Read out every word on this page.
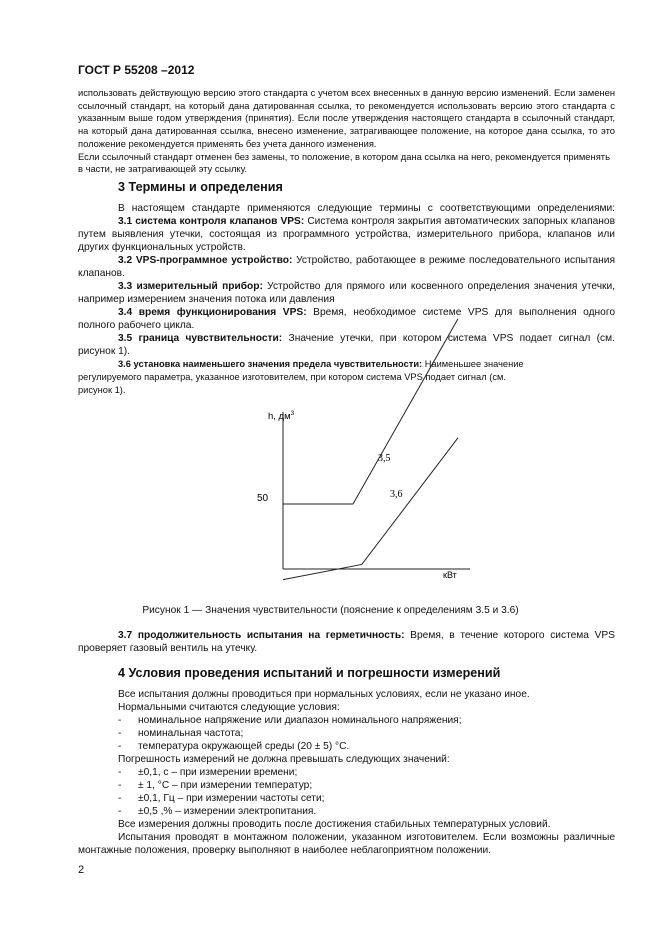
ГОСТ Р 55208 –2012

использовать действующую версию этого стандарта с учетом всех внесенных в данную версию изменений. Если заменен ссылочный стандарт, на который дана датированная ссылка, то рекомендуется использовать версию этого стандарта с указанным выше годом утверждения (принятия). Если после утверждения настоящего стандарта в ссылочный стандарт, на который дана датированная ссылка, внесено изменение, затрагивающее положение, на которое дана ссылка, то это положение рекомендуется применять без учета данного изменения.

Если ссылочный стандарт отменен без замены, то положение, в котором дана ссылка на него, рекомендуется применять в части, не затрагивающей эту ссылку.

3 Термины и определения

В настоящем стандарте применяются следующие термины с соответствующими определениями:

3.1 система контроля клапанов VPS: Система контроля закрытия автоматических запорных клапанов путем выявления утечки, состоящая из программного устройства, измерительного прибора, клапанов или других функциональных устройств.

3.2 VPS-программное устройство: Устройство, работающее в режиме последовательного испытания клапанов.

3.3 измерительный прибор: Устройство для прямого или косвенного определения значения утечки, например измерением значения потока или давления

3.4 время функционирования VPS: Время, необходимое системе VPS для выполнения одного полного рабочего цикла.

3.5 граница чувствительности: Значение утечки, при котором система VPS подает сигнал (см. рисунок 1).

3.6 установка наименьшего значения предела чувствительности: Наименьшее значение регулируемого параметра, указанное изготовителем, при котором система VPS подает сигнал (см. рисунок 1).

h, $дм^3$
50
кВт
3,5
3,6
Рисунок 1 — Значения чувствительности (пояснение к определениям 3.5 и 3.6)

3.7 продолжительность испытания на герметичность: Время, в течение которого система VPS проверяет газовый вентиль на утечку.

4 Условия проведения испытаний и погрешности измерений

Все испытания должны проводиться при нормальных условиях, если не указано иное.

Нормальными считаются следующие условия:

-	номинальное напряжение или диапазон номинального напряжения;
-	номинальная частота;
-	температура окружающей среды (20 ± 5) °С.

Погрешность измерений не должна превышать следующих значений:

-	±0,1, с – при измерении времени;
-	± 1, °С – при измерении температур;
-	±0,1, Гц – при измерении частоты сети;
-	±0,5 ,% – измерении электропитания.

Все измерения должны проводить после достижения стабильных температурных условий.

Испытания проводят в монтажном положении, указанном изготовителем. Если возможны различные монтажные положения, проверку выполняют в наиболее неблагоприятном положении.

2
